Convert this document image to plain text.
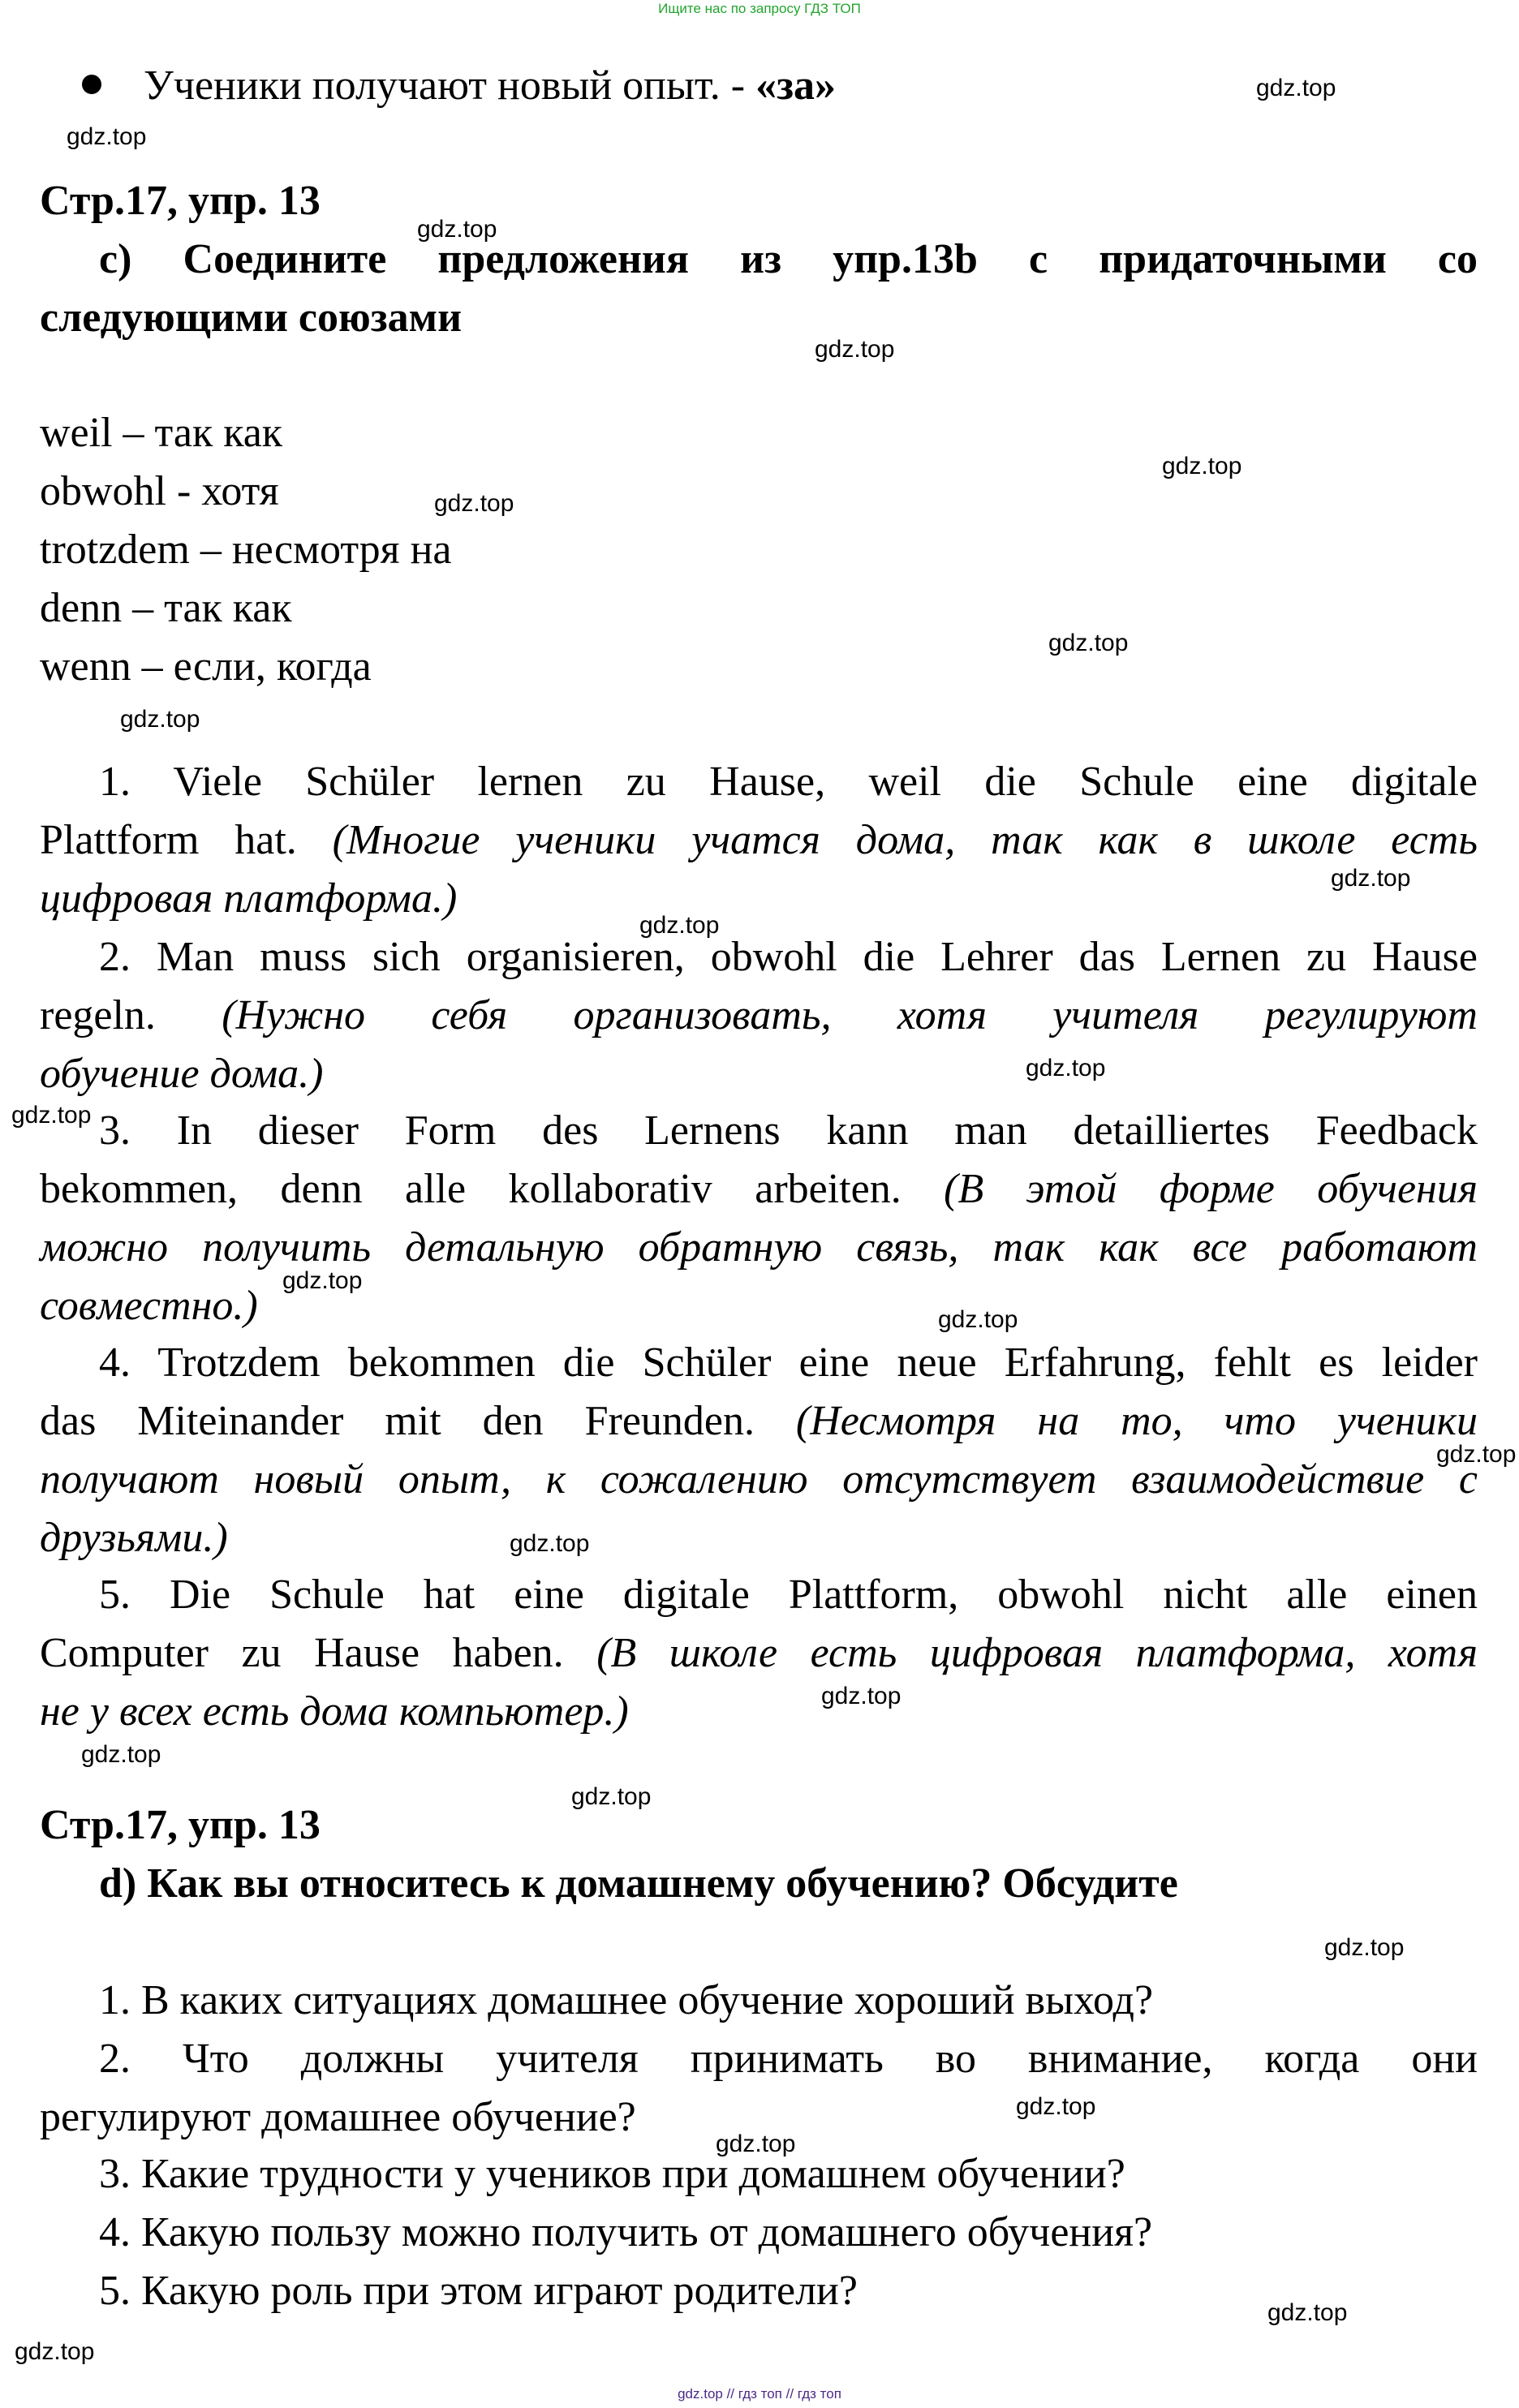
Ищите нас по запросу ГДЗ ТОП
Ученики получают новый опыт. - «за»
Стр.17, упр. 13
c) Соедините предложения из упр.13b с придаточными со
следующими союзами
weil – так как
obwohl - хотя
trotzdem – несмотря на
denn – так как
wenn – если, когда
1. Viele Schüler lernen zu Hause, weil die Schule eine digitale
Plattform hat. (Многие ученики учатся дома, так как в школе есть
цифровая платформа.)
2. Man muss sich organisieren, obwohl die Lehrer das Lernen zu Hause
regeln. (Нужно себя организовать, хотя учителя регулируют
обучение дома.)
3. In dieser Form des Lernens kann man detailliertes Feedback
bekommen, denn alle kollaborativ arbeiten. (В этой форме обучения
можно получить детальную обратную связь, так как все работают
совместно.)
4. Trotzdem bekommen die Schüler eine neue Erfahrung, fehlt es leider
das Miteinander mit den Freunden. (Несмотря на то, что ученики
получают новый опыт, к сожалению отсутствует взаимодействие с
друзьями.)
5. Die Schule hat eine digitale Plattform, obwohl nicht alle einen
Computer zu Hause haben. (В школе есть цифровая платформа, хотя
не у всех есть дома компьютер.)
Стр.17, упр. 13
d) Как вы относитесь к домашнему обучению? Обсудите
1. В каких ситуациях домашнее обучение хороший выход?
2. Что должны учителя принимать во внимание, когда они
регулируют домашнее обучение?
3. Какие трудности у учеников при домашнем обучении?
4. Какую пользу можно получить от домашнего обучения?
5. Какую роль при этом играют родители?
gdz.top
gdz.top
gdz.top
gdz.top
gdz.top
gdz.top
gdz.top
gdz.top
gdz.top
gdz.top
gdz.top
gdz.top
gdz.top
gdz.top
gdz.top
gdz.top
gdz.top
gdz.top
gdz.top
gdz.top
gdz.top
gdz.top
gdz.top
gdz.top
gdz.top // гдз топ // гдз топ
